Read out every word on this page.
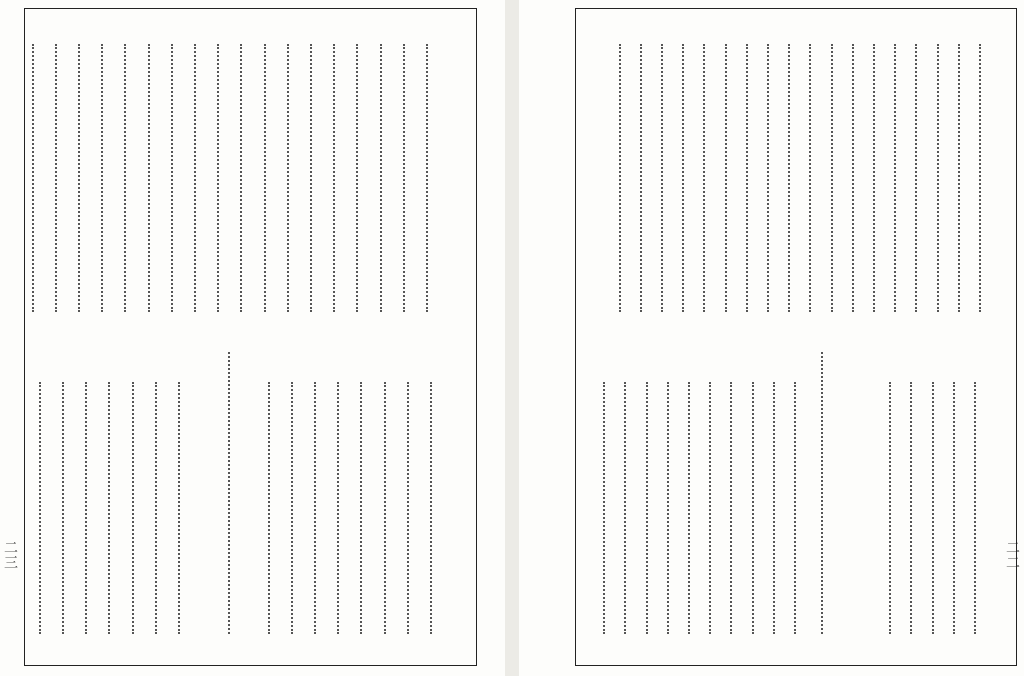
二三	二二
